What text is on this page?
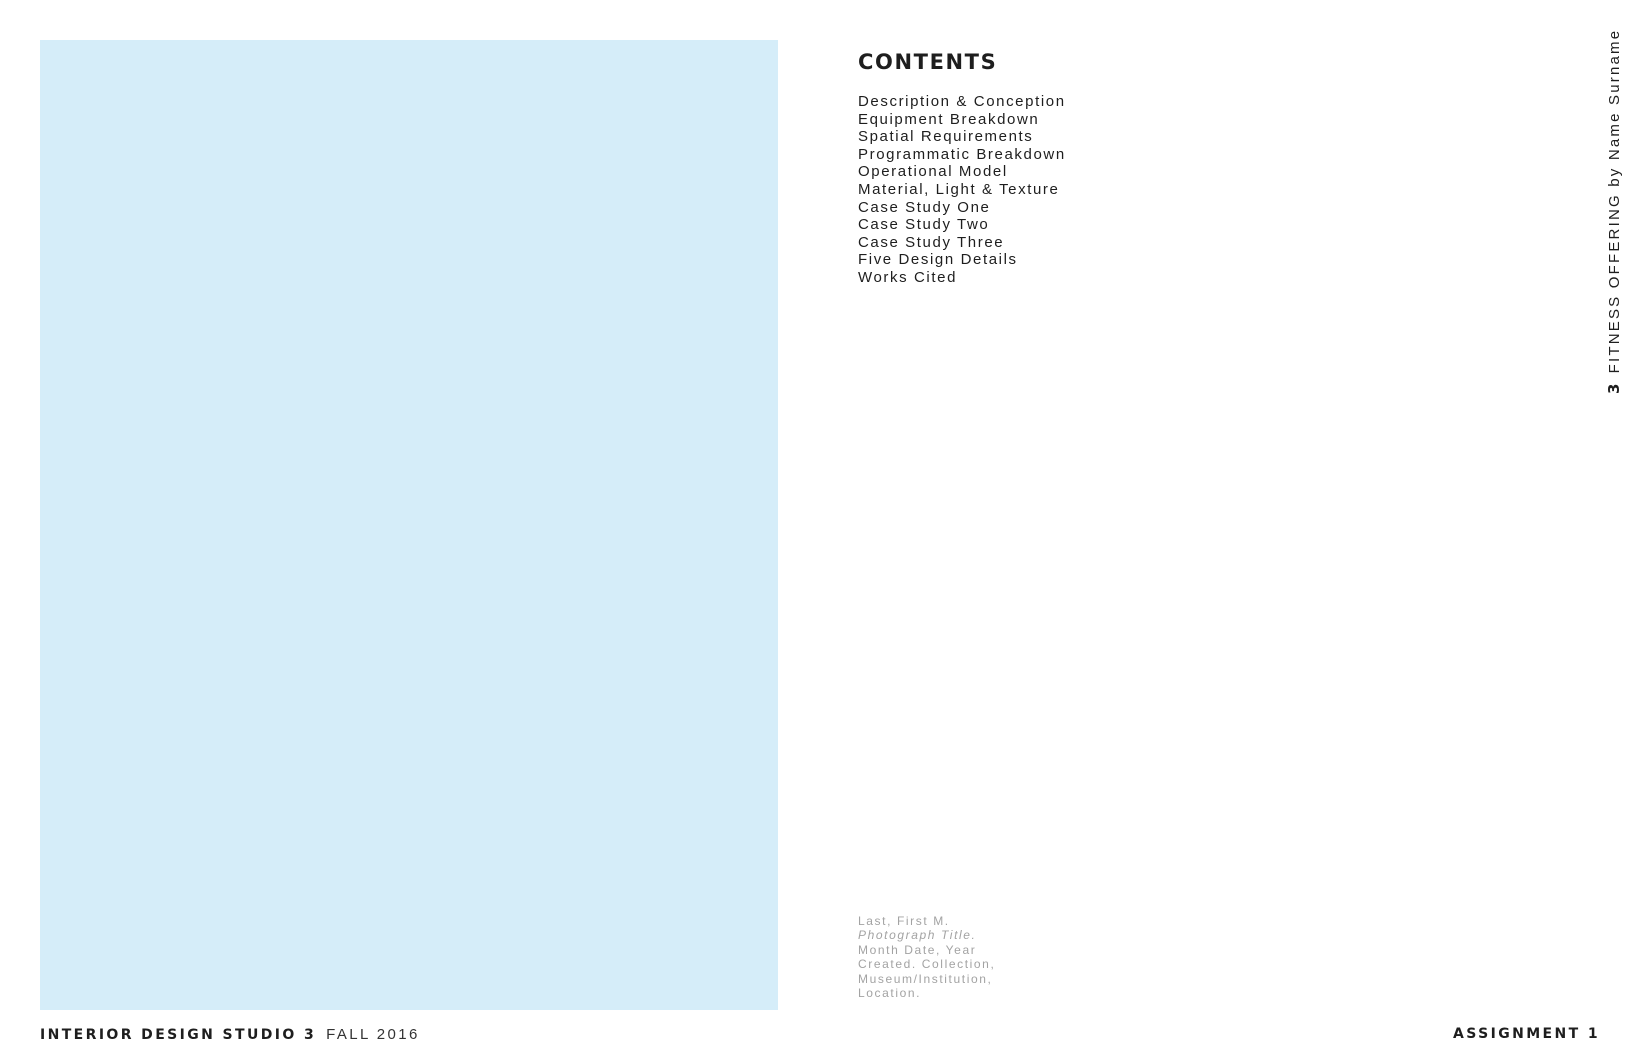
CONTENTS
Description & Conception
Equipment Breakdown
Spatial Requirements
Programmatic Breakdown
Operational Model
Material, Light & Texture
Case Study One
Case Study Two
Case Study Three
Five Design Details
Works Cited
Last, First M.
Photograph Title.
Month Date, Year
Created. Collection,
Museum/Institution,
Location.
3FITNESS OFFERING by Name Surname
INTERIOR DESIGN STUDIO 3 FALL 2016	ASSIGNMENT 1
